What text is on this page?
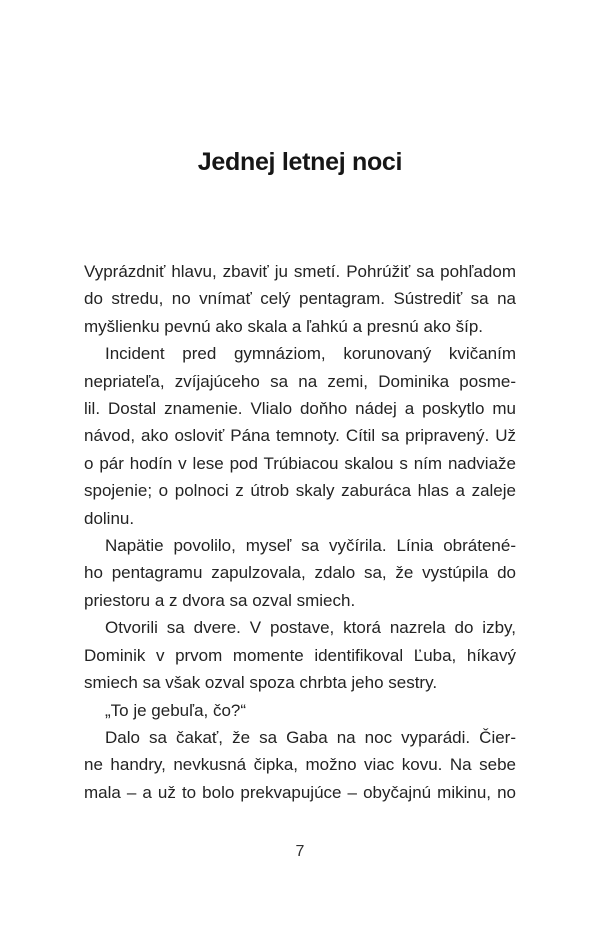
Jednej letnej noci
Vyprázdniť hlavu, zbaviť ju smetí. Pohrúžiť sa pohľadom
do stredu, no vnímať celý pentagram. Sústrediť sa na
myšlienku pevnú ako skala a ľahkú a presnú ako šíp.
Incident pred gymnáziom, korunovaný kvičaním
nepriateľa, zvíjajúceho sa na zemi, Dominika posme-
lil. Dostal znamenie. Vlialo doňho nádej a poskytlo mu
návod, ako osloviť Pána temnoty. Cítil sa pripravený. Už
o pár hodín v lese pod Trúbiacou skalou s ním nadviaže
spojenie; o polnoci z útrob skaly zaburáca hlas a zaleje
dolinu.
Napätie povolilo, myseľ sa vyčírila. Línia obrátené-
ho pentagramu zapulzovala, zdalo sa, že vystúpila do
priestoru a z dvora sa ozval smiech.
Otvorili sa dvere. V postave, ktorá nazrela do izby,
Dominik v prvom momente identifikoval Ľuba, híkavý
smiech sa však ozval spoza chrbta jeho sestry.
„To je gebuľa, čo?“
Dalo sa čakať, že sa Gaba na noc vyparádi. Čier-
ne handry, nevkusná čipka, možno viac kovu. Na sebe
mala – a už to bolo prekvapujúce – obyčajnú mikinu, no
7
